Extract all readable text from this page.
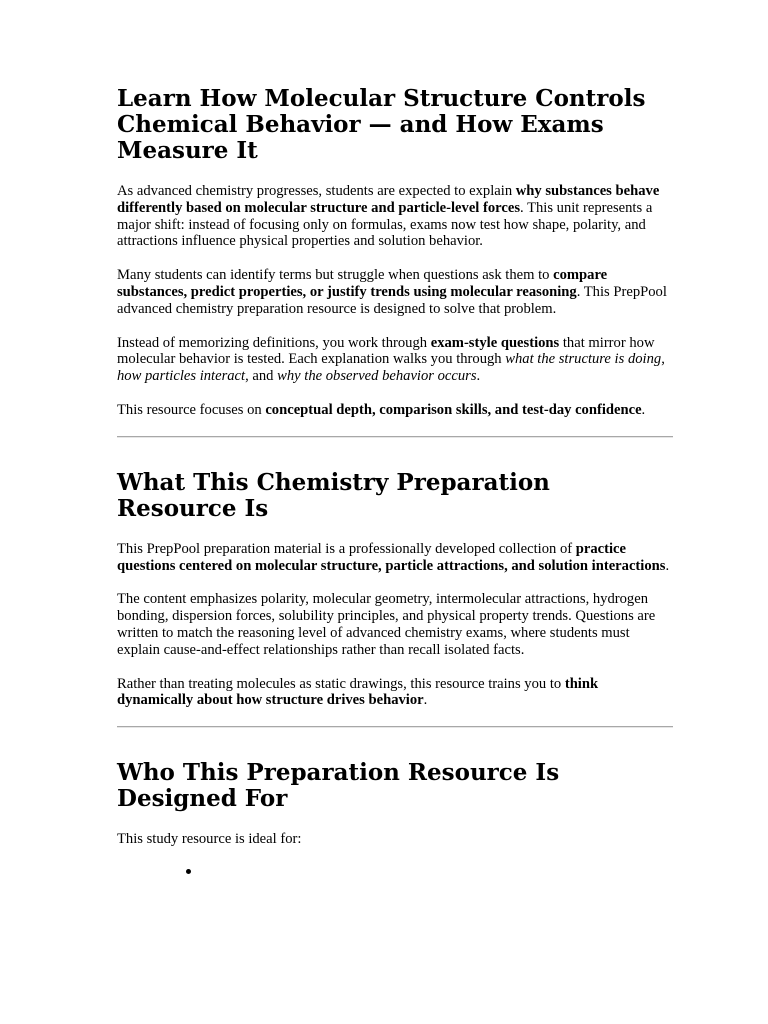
Learn How Molecular Structure Controls Chemical Behavior — and How Exams Measure It

As advanced chemistry progresses, students are expected to explain why substances behave differently based on molecular structure and particle-level forces. This unit represents a major shift: instead of focusing only on formulas, exams now test how shape, polarity, and attractions influence physical properties and solution behavior.

Many students can identify terms but struggle when questions ask them to compare substances, predict properties, or justify trends using molecular reasoning. This PrepPool advanced chemistry preparation resource is designed to solve that problem.

Instead of memorizing definitions, you work through exam-style questions that mirror how molecular behavior is tested. Each explanation walks you through what the structure is doing, how particles interact, and why the observed behavior occurs.

This resource focuses on conceptual depth, comparison skills, and test-day confidence.

What This Chemistry Preparation Resource Is

This PrepPool preparation material is a professionally developed collection of practice questions centered on molecular structure, particle attractions, and solution interactions.

The content emphasizes polarity, molecular geometry, intermolecular attractions, hydrogen bonding, dispersion forces, solubility principles, and physical property trends. Questions are written to match the reasoning level of advanced chemistry exams, where students must explain cause-and-effect relationships rather than recall isolated facts.

Rather than treating molecules as static drawings, this resource trains you to think dynamically about how structure drives behavior.

Who This Preparation Resource Is Designed For

This study resource is ideal for:
